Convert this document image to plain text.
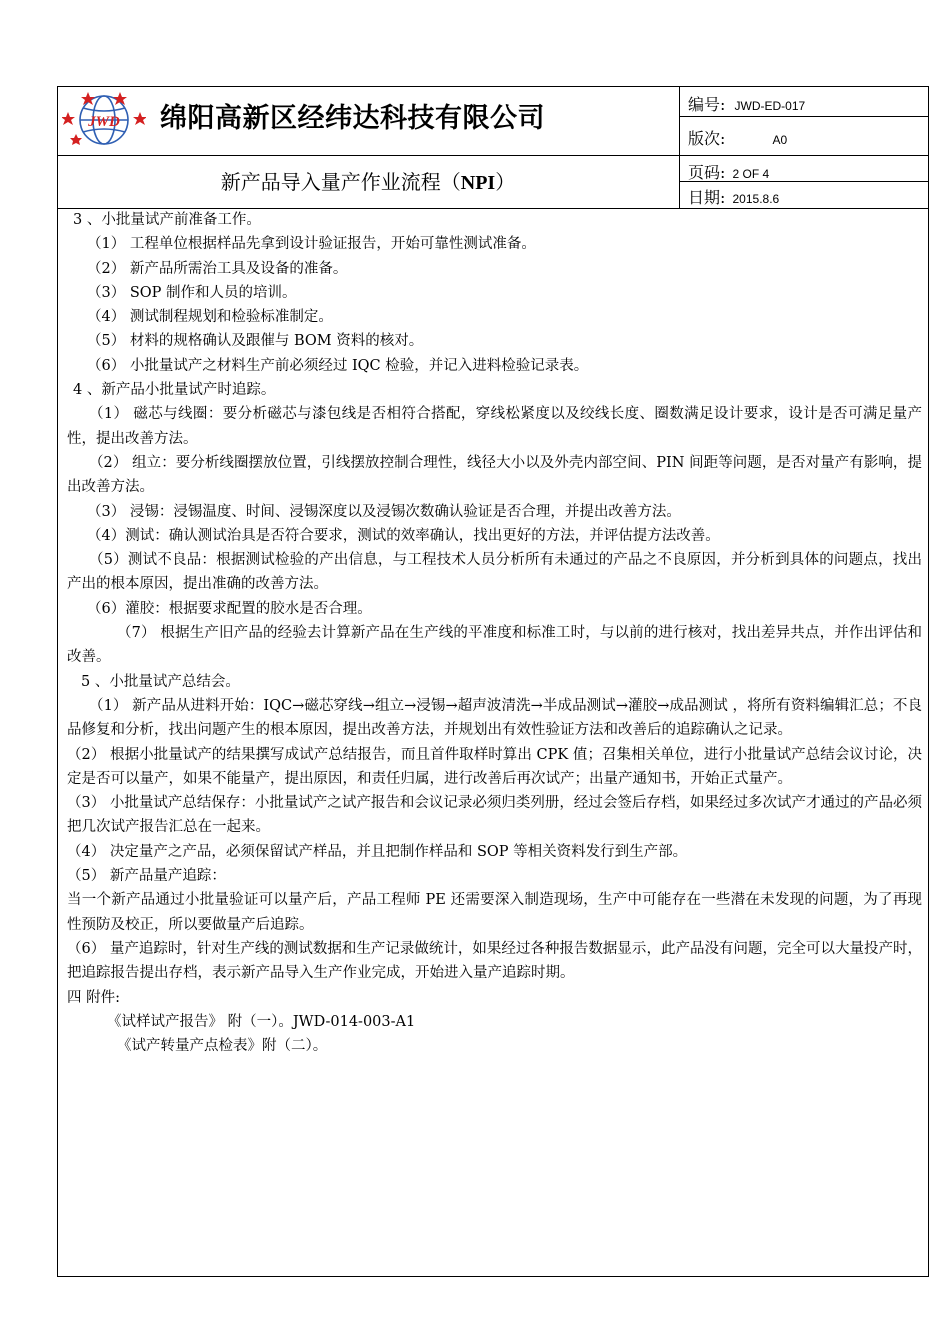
JWD 绵阳高新区经纬达科技有限公司
新产品导入量产作业流程（NPI）
编号: JWD-ED-017
版次:	A0
页码: 2 OF 4
日期: 2015.8.6

3 、小批量试产前准备工作。

（1） 工程单位根据样品先拿到设计验证报告，开始可靠性测试准备。

（2） 新产品所需治工具及设备的准备。

（3） SOP 制作和人员的培训。

（4） 测试制程规划和检验标准制定。

（5） 材料的规格确认及跟催与 BOM 资料的核对。

（6） 小批量试产之材料生产前必须经过 IQC 检验，并记入进料检验记录表。

4 、新产品小批量试产时追踪。

（1） 磁芯与线圈：要分析磁芯与漆包线是否相符合搭配，穿线松紧度以及绞线长度、圈数满足设计要求，设计是否可满足量产性，提出改善方法。

（2） 组立：要分析线圈摆放位置，引线摆放控制合理性，线径大小以及外壳内部空间、PIN 间距等问题，是否对量产有影响，提出改善方法。

（3） 浸锡：浸锡温度、时间、浸锡深度以及浸锡次数确认验证是否合理，并提出改善方法。

（4）测试：确认测试治具是否符合要求，测试的效率确认，找出更好的方法，并评估提方法改善。

（5）测试不良品：根据测试检验的产出信息，与工程技术人员分析所有未通过的产品之不良原因，并分析到具体的问题点，找出产出的根本原因，提出准确的改善方法。

（6）灌胶：根据要求配置的胶水是否合理。

（7） 根据生产旧产品的经验去计算新产品在生产线的平准度和标准工时，与以前的进行核对，找出差异共点，并作出评估和改善。

5 、小批量试产总结会。

（1） 新产品从进料开始：IQC→磁芯穿线→组立→浸锡→超声波清洗→半成品测试→灌胶→成品测试 ，将所有资料编辑汇总；不良品修复和分析，找出问题产生的根本原因，提出改善方法，并规划出有效性验证方法和改善后的追踪确认之记录。

（2） 根据小批量试产的结果撰写成试产总结报告，而且首件取样时算出 CPK 值；召集相关单位，进行小批量试产总结会议讨论，决定是否可以量产，如果不能量产，提出原因，和责任归属，进行改善后再次试产；出量产通知书，开始正式量产。

（3） 小批量试产总结保存：小批量试产之试产报告和会议记录必须归类列册，经过会签后存档，如果经过多次试产才通过的产品必须把几次试产报告汇总在一起来。

（4） 决定量产之产品，必须保留试产样品，并且把制作样品和 SOP 等相关资料发行到生产部。

（5） 新产品量产追踪：

当一个新产品通过小批量验证可以量产后，产品工程师 PE 还需要深入制造现场，生产中可能存在一些潜在未发现的问题，为了再现性预防及校正，所以要做量产后追踪。

（6） 量产追踪时，针对生产线的测试数据和生产记录做统计，如果经过各种报告数据显示，此产品没有问题，完全可以大量投产时，把追踪报告提出存档，表示新产品导入生产作业完成，开始进入量产追踪时期。

四 附件:

《试样试产报告》 附（一）。JWD-014-003-A1

《试产转量产点检表》附（二）。
